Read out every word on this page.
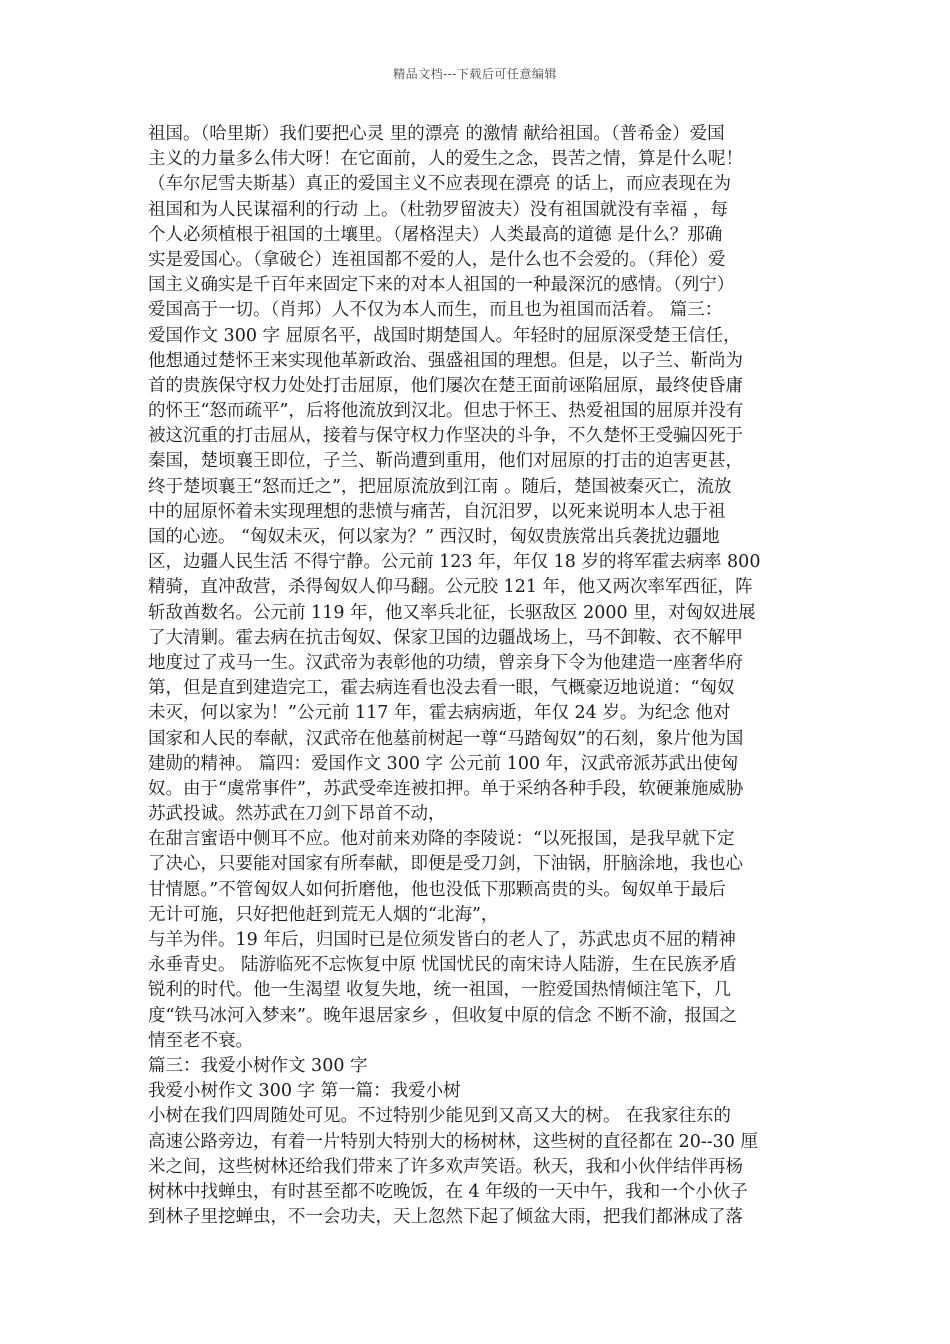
精品文档---下载后可任意编辑
祖国。（哈里斯）我们要把心灵 里的漂亮 的激情 献给祖国。（普希金）爱国
主义的力量多么伟大呀！在它面前，人的爱生之念，畏苦之情，算是什么呢！
（车尔尼雪夫斯基）真正的爱国主义不应表现在漂亮 的话上，而应表现在为
祖国和为人民谋福利的行动 上。（杜勃罗留波夫）没有祖国就没有幸福 ，每
个人必须植根于祖国的土壤里。（屠格涅夫）人类最高的道德 是什么？那确
实是爱国心。（拿破仑）连祖国都不爱的人，是什么也不会爱的。（拜伦）爱
国主义确实是千百年来固定下来的对本人祖国的一种最深沉的感情。（列宁）
爱国高于一切。（肖邦）人不仅为本人而生，而且也为祖国而活着。 篇三：
爱国作文 300 字 屈原名平，战国时期楚国人。年轻时的屈原深受楚王信任，
他想通过楚怀王来实现他革新政治、强盛祖国的理想。但是，以子兰、靳尚为
首的贵族保守权力处处打击屈原，他们屡次在楚王面前诬陷屈原，最终使昏庸
的怀王“怒而疏平”，后将他流放到汉北。但忠于怀王、热爱祖国的屈原并没有
被这沉重的打击屈从，接着与保守权力作坚决的斗争，不久楚怀王受骗囚死于
秦国，楚顷襄王即位，子兰、靳尚遭到重用，他们对屈原的打击的迫害更甚，
终于楚顷襄王“怒而迁之”，把屈原流放到江南 。随后，楚国被秦灭亡，流放
中的屈原怀着未实现理想的悲愤与痛苦，自沉汨罗，以死来说明本人忠于祖
国的心迹。 “匈奴未灭，何以家为？” 西汉时，匈奴贵族常出兵袭扰边疆地
区，边疆人民生活 不得宁静。公元前 123 年，年仅 18 岁的将军霍去病率 800
精骑，直冲敌营，杀得匈奴人仰马翻。公元胶 121 年，他又两次率军西征，阵
斩敌酋数名。公元前 119 年，他又率兵北征，长驱敌区 2000 里，对匈奴进展
了大清剿。霍去病在抗击匈奴、保家卫国的边疆战场上，马不卸鞍、衣不解甲
地度过了戎马一生。汉武帝为表彰他的功绩，曾亲身下令为他建造一座奢华府
第，但是直到建造完工，霍去病连看也没去看一眼，气概豪迈地说道：“匈奴
未灭，何以家为！”公元前 117 年，霍去病病逝，年仅 24 岁。为纪念 他对
国家和人民的奉献，汉武帝在他墓前树起一尊“马踏匈奴”的石刻，象片他为国
建勋的精神。 篇四：爱国作文 300 字 公元前 100 年，汉武帝派苏武出使匈
奴。由于“虞常事件”，苏武受牵连被扣押。单于采纳各种手段，软硬兼施威胁
苏武投诚。然苏武在刀剑下昂首不动，
在甜言蜜语中侧耳不应。他对前来劝降的李陵说：“以死报国，是我早就下定
了决心，只要能对国家有所奉献，即便是受刀剑，下油锅，肝脑涂地，我也心
甘情愿。”不管匈奴人如何折磨他，他也没低下那颗高贵的头。匈奴单于最后
无计可施，只好把他赶到荒无人烟的“北海”，
与羊为伴。19 年后，归国时已是位须发皆白的老人了，苏武忠贞不屈的精神
永垂青史。 陆游临死不忘恢复中原 忧国忧民的南宋诗人陆游，生在民族矛盾
锐利的时代。他一生渴望 收复失地，统一祖国，一腔爱国热情倾注笔下，几
度“铁马冰河入梦来”。晚年退居家乡 ，但收复中原的信念 不断不渝，报国之
情至老不衰。
篇三：我爱小树作文 300 字
我爱小树作文 300 字 第一篇：我爱小树
小树在我们四周随处可见。不过特别少能见到又高又大的树。 在我家往东的
高速公路旁边，有着一片特别大特别大的杨树林，这些树的直径都在 20--30 厘
米之间，这些树林还给我们带来了许多欢声笑语。秋天，我和小伙伴结伴再杨
树林中找蝉虫，有时甚至都不吃晚饭，在 4 年级的一天中午，我和一个小伙子
到林子里挖蝉虫，不一会功夫，天上忽然下起了倾盆大雨，把我们都淋成了落
